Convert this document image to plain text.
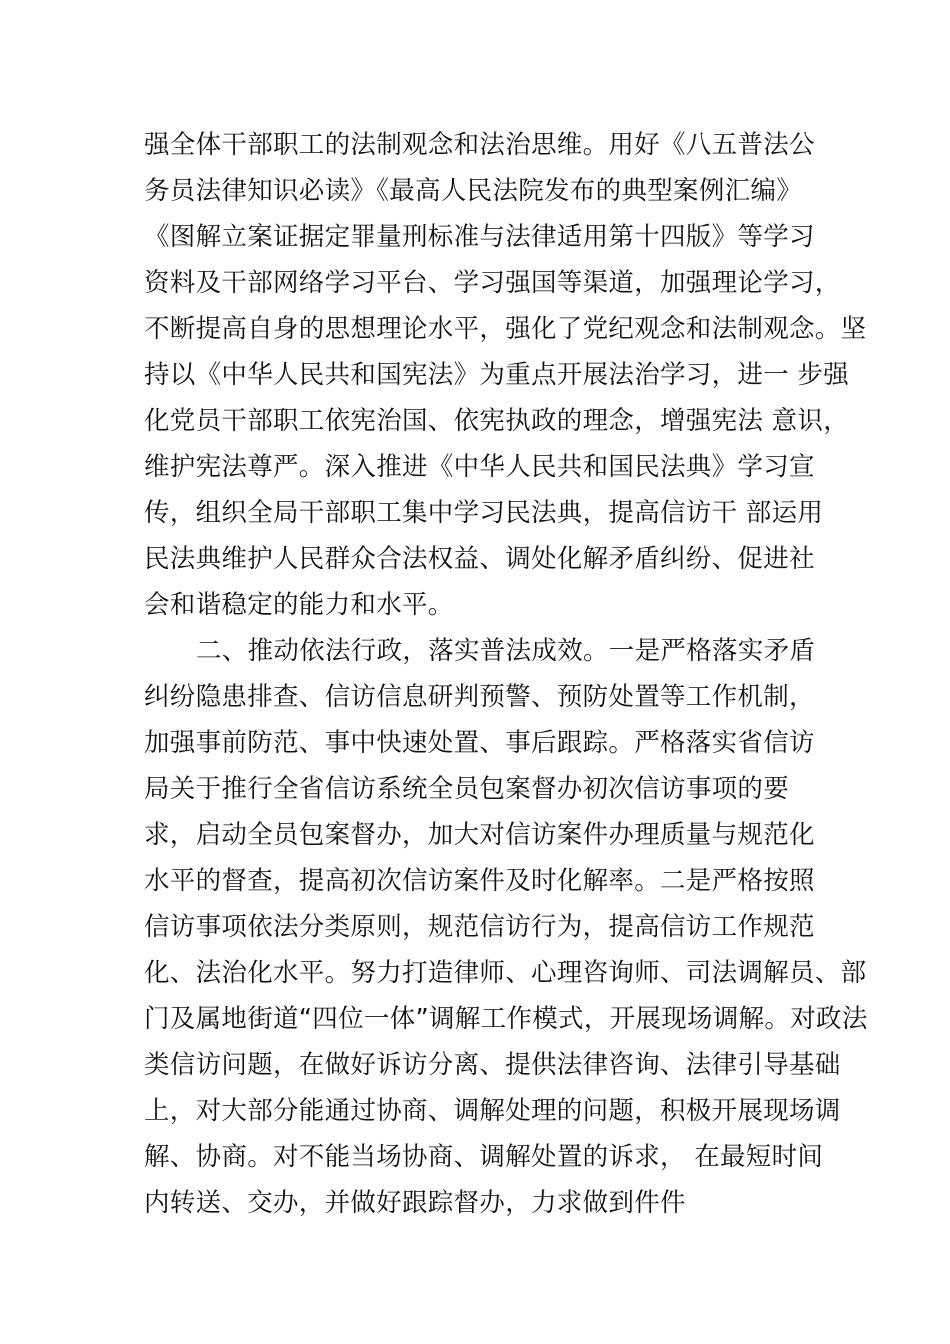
强全体干部职工的法制观念和法治思维。用好《八五普法公
务员法律知识必读》《最高人民法院发布的典型案例汇编》
《图解立案证据定罪量刑标准与法律适用第十四版》等学习
资料及干部网络学习平台、学习强国等渠道，加强理论学习，
不断提高自身的思想理论水平，强化了党纪观念和法制观念。坚
持以《中华人民共和国宪法》为重点开展法治学习，进一 步强
化党员干部职工依宪治国、依宪执政的理念，增强宪法 意识，
维护宪法尊严。深入推进《中华人民共和国民法典》学习宣
传，组织全局干部职工集中学习民法典，提高信访干 部运用
民法典维护人民群众合法权益、调处化解矛盾纠纷、促进社
会和谐稳定的能力和水平。
二、推动依法行政，落实普法成效。一是严格落实矛盾
纠纷隐患排查、信访信息研判预警、预防处置等工作机制，
加强事前防范、事中快速处置、事后跟踪。严格落实省信访
局关于推行全省信访系统全员包案督办初次信访事项的要
求，启动全员包案督办，加大对信访案件办理质量与规范化
水平的督查，提高初次信访案件及时化解率。二是严格按照
信访事项依法分类原则，规范信访行为，提高信访工作规范
化、法治化水平。努力打造律师、心理咨询师、司法调解员、部
门及属地街道“四位一体”调解工作模式，开展现场调解。对政法
类信访问题，在做好诉访分离、提供法律咨询、法律引导基础
上，对大部分能通过协商、调解处理的问题，积极开展现场调
解、协商。对不能当场协商、调解处置的诉求， 在最短时间
内转送、交办，并做好跟踪督办，力求做到件件
